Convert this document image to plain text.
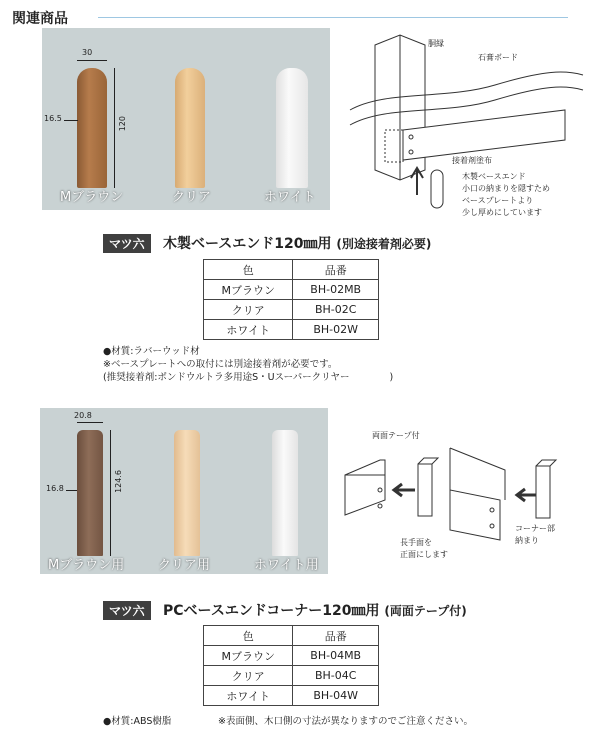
関連商品
30
120
16.5
Mブラウン	クリア	ホワイト
胴縁
石膏ボード
接着剤塗布
木製ベースエンド
小口の納まりを隠すため
ベースプレートより
少し厚めにしています
マツ六	木製ベースエンド120㎜用 (別途接着剤必要)
色	品番
Mブラウン	BH-02MB
クリア	BH-02C
ホワイト	BH-02W
●材質:ラバーウッド材
※ベースプレートへの取付には別途接着剤が必要です。
(推奨接着剤:ボンドウルトラ多用途S・Uスーパークリヤー	)
20.8
124.6
16.8
Mブラウン用	クリア用	ホワイト用
両面テープ付
長手面を
正面にします
コーナー部
納まり
マツ六	PCベースエンドコーナー120㎜用 (両面テープ付)
色	品番
Mブラウン	BH-04MB
クリア	BH-04C
ホワイト	BH-04W
●材質:ABS樹脂	※表面側、木口側の寸法が異なりますのでご注意ください。
